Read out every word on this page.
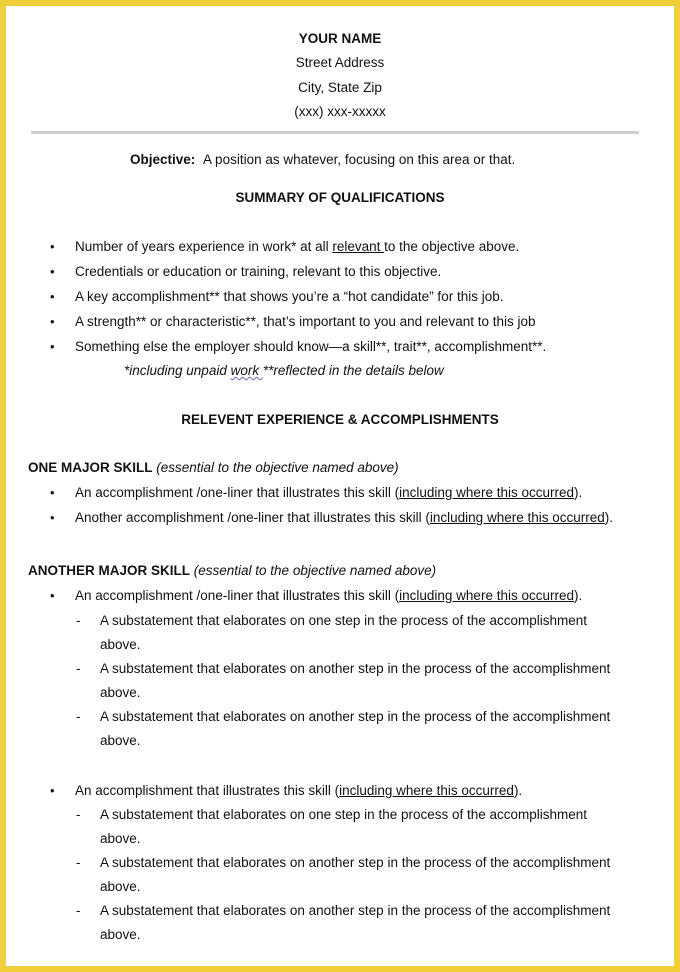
YOUR NAME
Street Address
City, State Zip
(xxx) xxx-xxxxx
Objective: A position as whatever, focusing on this area or that.
SUMMARY OF QUALIFICATIONS
• Number of years experience in work* at all relevant to the objective above.
• Credentials or education or training, relevant to this objective.
• A key accomplishment** that shows you’re a “hot candidate” for this job.
• A strength** or characteristic**, that’s important to you and relevant to this job
• Something else the employer should know—a skill**, trait**, accomplishment**.
*including unpaid work **reflected in the details below
RELEVENT EXPERIENCE & ACCOMPLISHMENTS
ONE MAJOR SKILL (essential to the objective named above)
• An accomplishment /one-liner that illustrates this skill (including where this occurred).
• Another accomplishment /one-liner that illustrates this skill (including where this occurred).
ANOTHER MAJOR SKILL (essential to the objective named above)
• An accomplishment /one-liner that illustrates this skill (including where this occurred).
- A substatement that elaborates on one step in the process of the accomplishment
above.
- A substatement that elaborates on another step in the process of the accomplishment
above.
- A substatement that elaborates on another step in the process of the accomplishment
above.
• An accomplishment that illustrates this skill (including where this occurred).
- A substatement that elaborates on one step in the process of the accomplishment
above.
- A substatement that elaborates on another step in the process of the accomplishment
above.
- A substatement that elaborates on another step in the process of the accomplishment
above.
